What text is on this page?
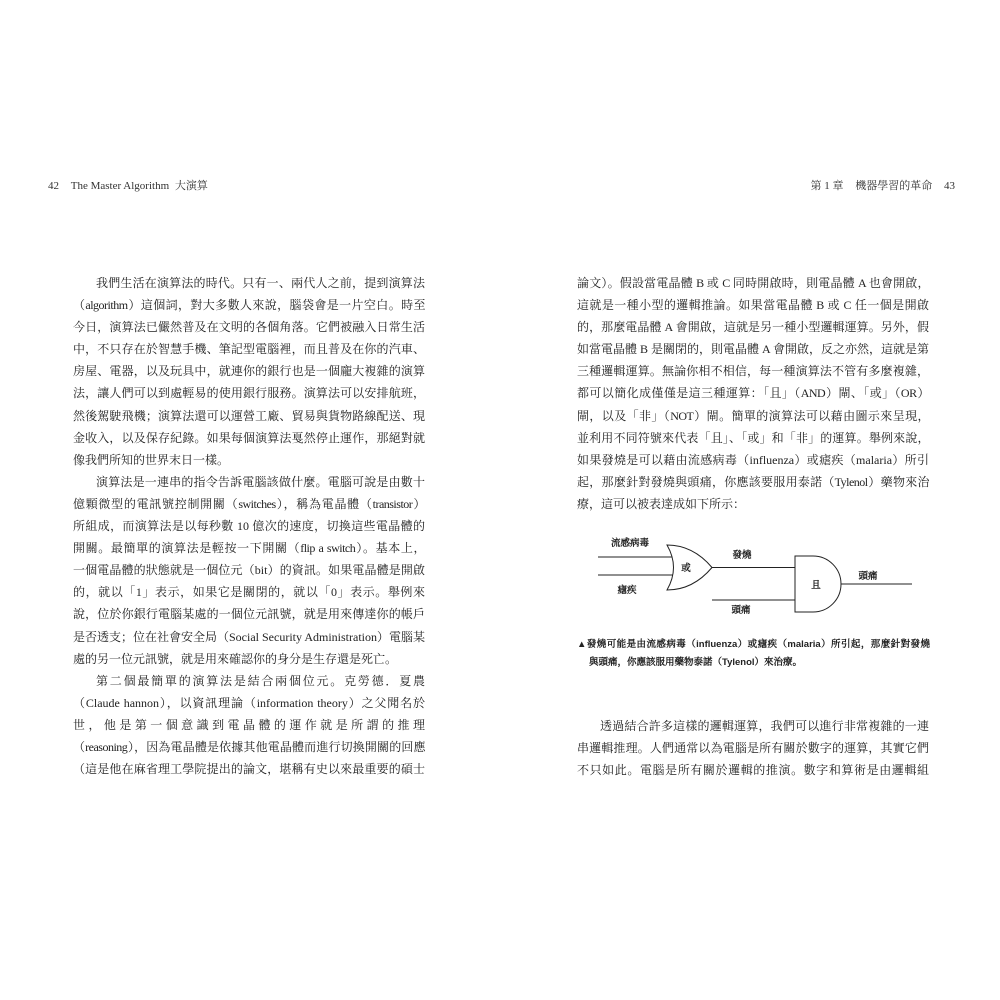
42 The Master Algorithm 大演算	第 1 章 機器學習的革命 43
我們生活在演算法的時代。只有一、兩代人之前，提到演算法
（algorithm）這個詞，對大多數人來說，腦袋會是一片空白。時至
今日，演算法已儼然普及在文明的各個角落。它們被融入日常生活
中，不只存在於智慧手機、筆記型電腦裡，而且普及在你的汽車、
房屋、電器，以及玩具中，就連你的銀行也是一個龐大複雜的演算
法，讓人們可以到處輕易的使用銀行服務。演算法可以安排航班，
然後駕駛飛機；演算法還可以運營工廠、貿易與貨物路線配送、現
金收入，以及保存紀錄。如果每個演算法戛然停止運作，那絕對就
像我們所知的世界末日一樣。
演算法是一連串的指令告訴電腦該做什麼。電腦可說是由數十
億顆微型的電訊號控制開關（switches），稱為電晶體（transistor）
所組成，而演算法是以每秒數 10 億次的速度，切換這些電晶體的
開關。最簡單的演算法是輕按一下開關（flip a switch）。基本上，
一個電晶體的狀態就是一個位元（bit）的資訊。如果電晶體是開啟
的，就以「1」表示，如果它是關閉的，就以「0」表示。舉例來
說，位於你銀行電腦某處的一個位元訊號，就是用來傳達你的帳戶
是否透支；位在社會安全局（Social Security Administration）電腦某
處的另一位元訊號，就是用來確認你的身分是生存還是死亡。
第二個最簡單的演算法是結合兩個位元。克勞德．夏農
（Claude hannon），以資訊理論（information theory）之父聞名於
世，他是第一個意識到電晶體的運作就是所謂的推理
（reasoning），因為電晶體是依據其他電晶體而進行切換開關的回應
（這是他在麻省理工學院提出的論文，堪稱有史以來最重要的碩士
論文）。假設當電晶體 B 或 C 同時開啟時，則電晶體 A 也會開啟，
這就是一種小型的邏輯推論。如果當電晶體 B 或 C 任一個是開啟
的，那麼電晶體 A 會開啟，這就是另一種小型邏輯運算。另外，假
如當電晶體 B 是關閉的，則電晶體 A 會開啟，反之亦然，這就是第
三種邏輯運算。無論你相不相信，每一種演算法不管有多麼複雜，
都可以簡化成僅僅是這三種運算：「且」（AND）閘、「或」（OR）
閘，以及「非」（NOT）閘。簡單的演算法可以藉由圖示來呈現，
並利用不同符號來代表「且」、「或」和「非」的運算。舉例來說，
如果發燒是可以藉由流感病毒（influenza）或瘧疾（malaria）所引
起，那麼針對發燒與頭痛，你應該要服用泰諾（Tylenol）藥物來治
療，這可以被表達成如下所示：
流感病毒
瘧疾
或
發燒
且
頭痛
頭痛
▲發燒可能是由流感病毒（influenza）或瘧疾（malaria）所引起，那麼針對發燒
與頭痛，你應該服用藥物泰諾（Tylenol）來治療。
透過結合許多這樣的邏輯運算，我們可以進行非常複雜的一連
串邏輯推理。人們通常以為電腦是所有關於數字的運算，其實它們
不只如此。電腦是所有關於邏輯的推演。數字和算術是由邏輯組
